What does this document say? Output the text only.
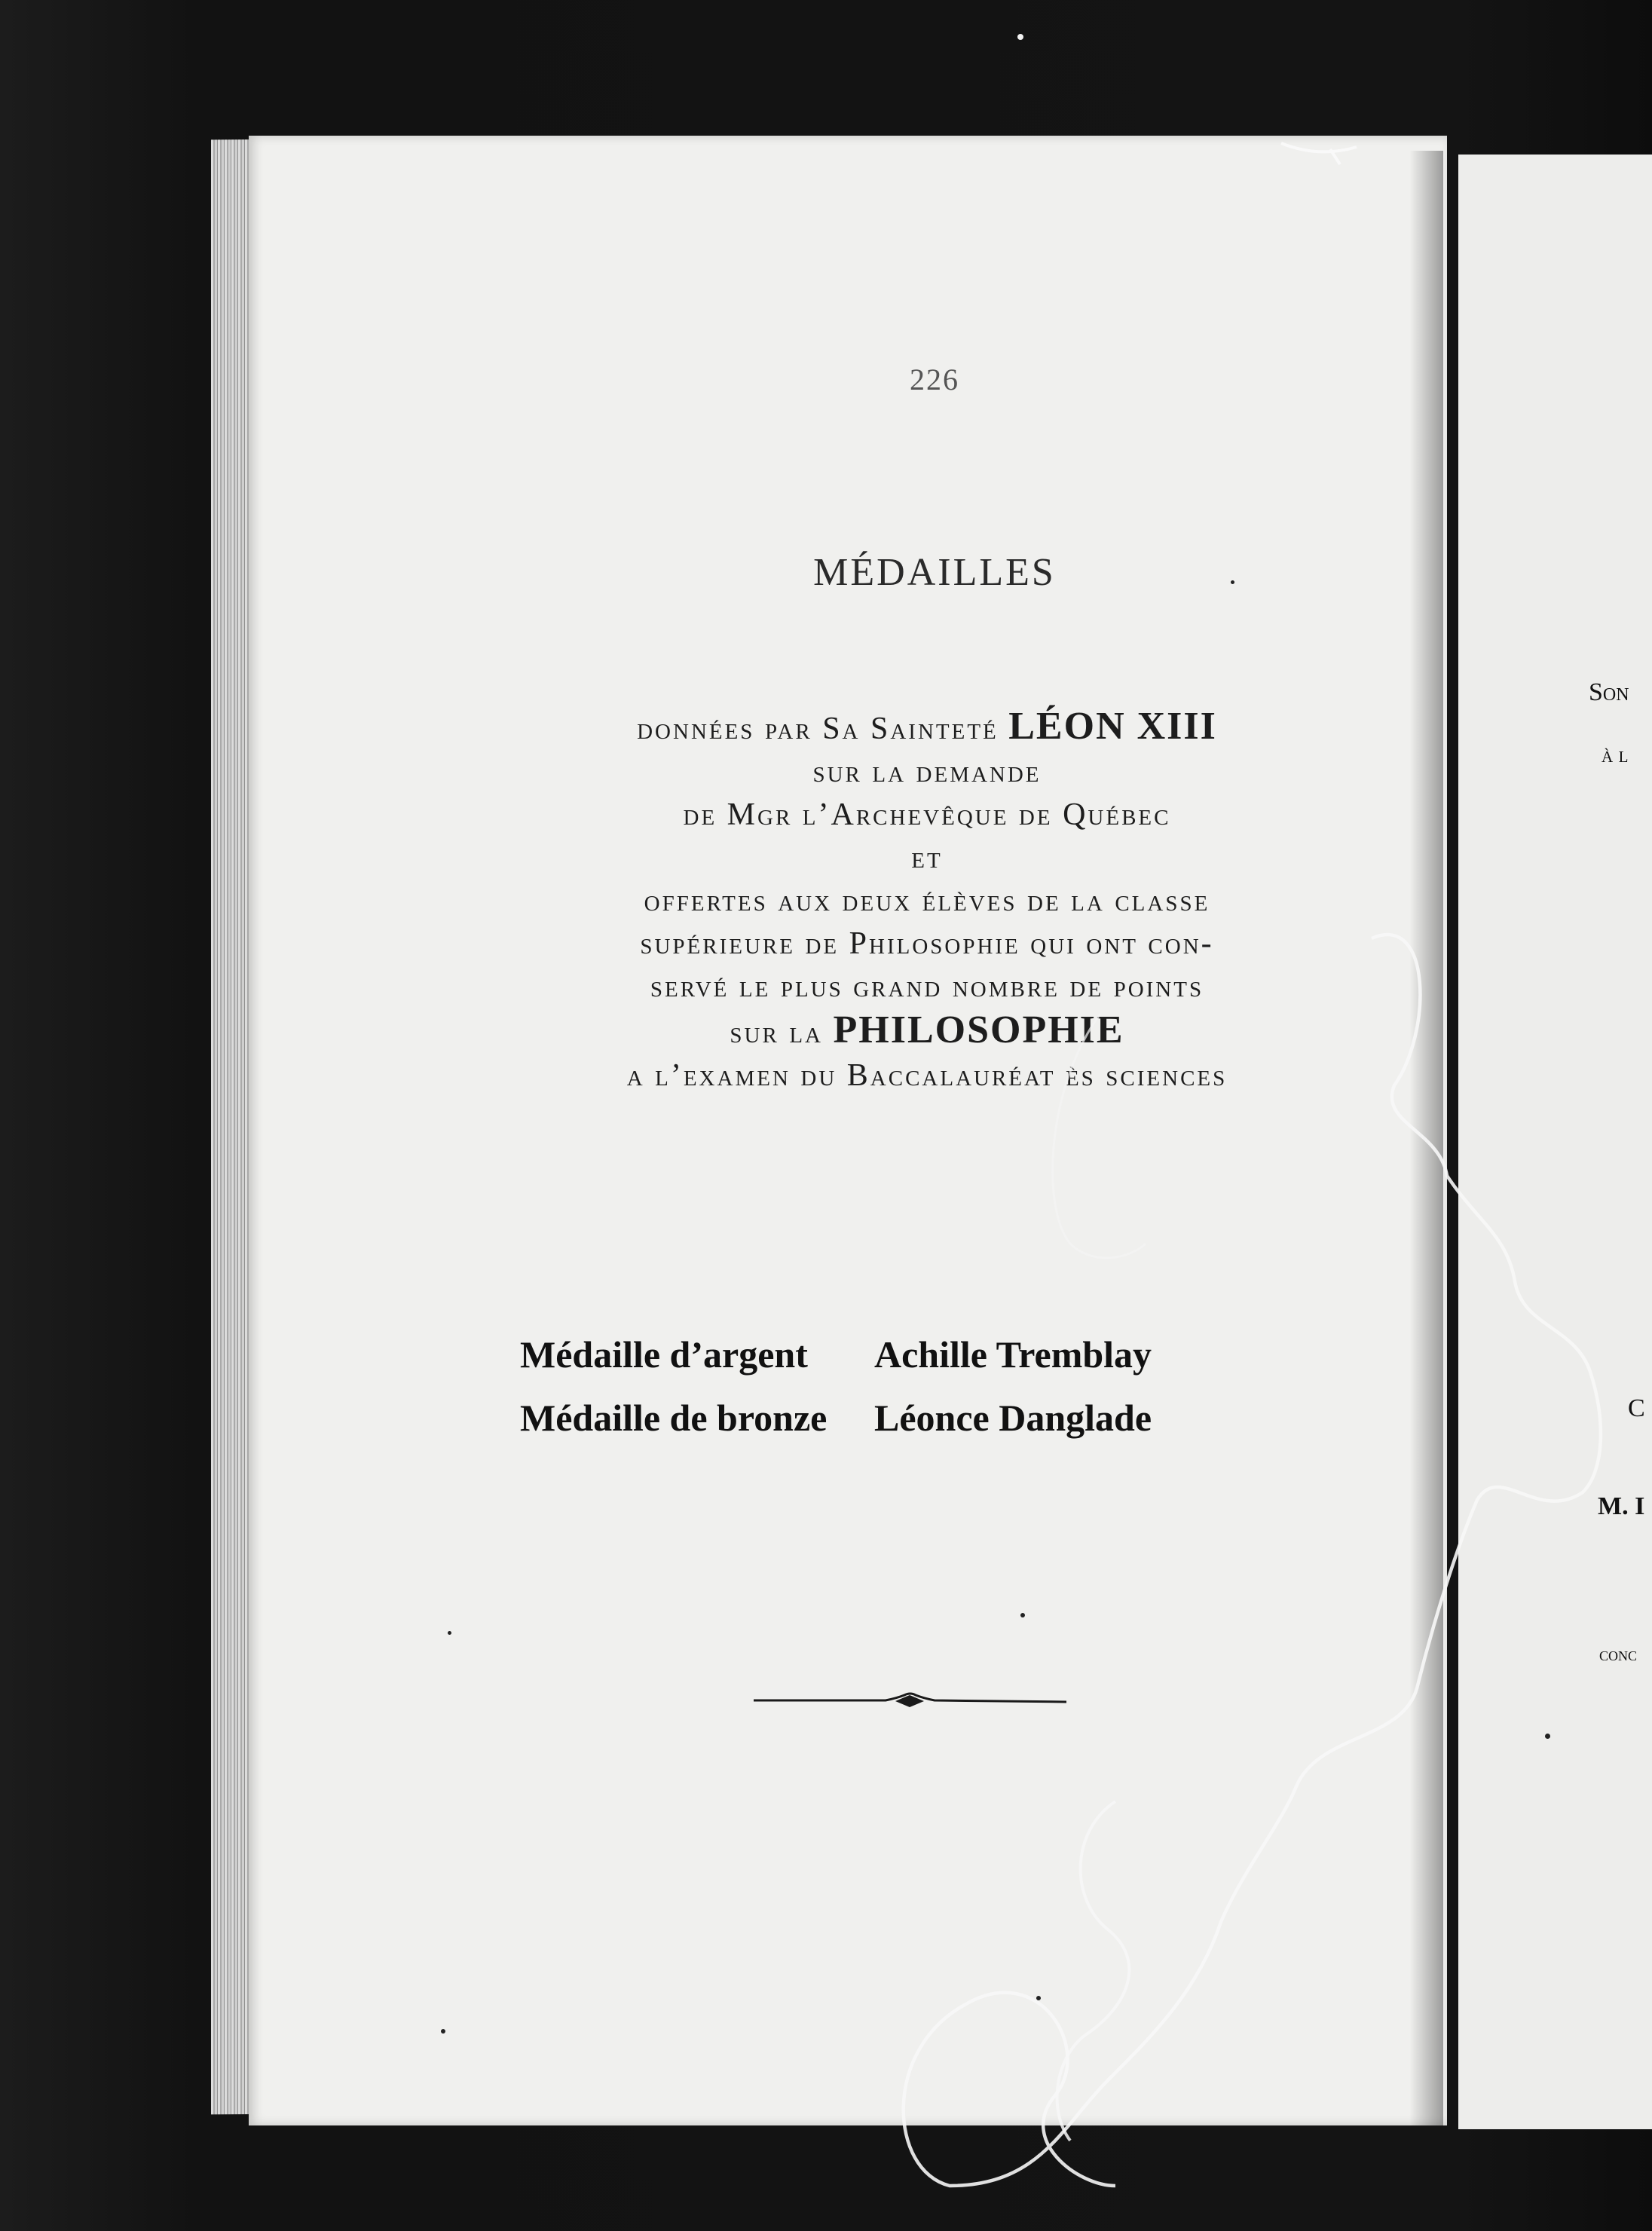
Son
à l
C
M. I
conc
226
MÉDAILLES
données par Sa Sainteté LÉON XIII
sur la demande
de Mgr l’Archevêque de Québec
et
offertes aux deux élèves de la classe
supérieure de Philosophie qui ont con-
servé le plus grand nombre de points
sur la PHILOSOPHIE
a l’examen du Baccalauréat ès sciences
Médaille d’argent Achille Tremblay
Médaille de bronze Léonce Danglade
